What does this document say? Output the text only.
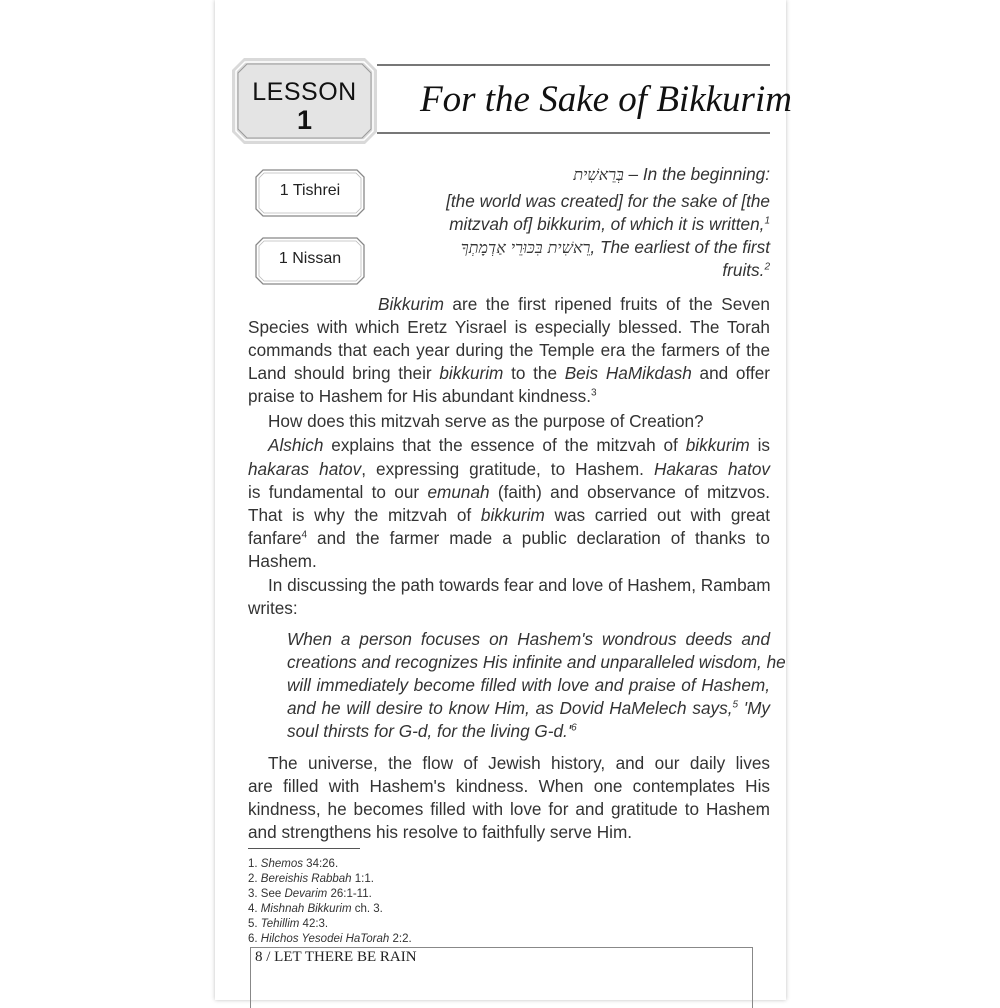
LESSON
1	For the Sake of Bikkurim
1 Tishrei
1 Nissan
בְּרֵאשִׁית – In the beginning:
[the world was created] for the sake of [the
mitzvah of] bikkurim, of which it is written,$^1$
רֵאשִׁית בִּכּוּרֵי אַדְמָתְךָ, The earliest of the first
fruits.$^2$
Bikkurim are the first ripened fruits of the Seven
Species with which Eretz Yisrael is especially blessed. The Torah
commands that each year during the Temple era the farmers of the
Land should bring their bikkurim to the Beis HaMikdash and offer
praise to Hashem for His abundant kindness.$^3$
How does this mitzvah serve as the purpose of Creation?
Alshich explains that the essence of the mitzvah of bikkurim is
hakaras hatov, expressing gratitude, to Hashem. Hakaras hatov
is fundamental to our emunah (faith) and observance of mitzvos.
That is why the mitzvah of bikkurim was carried out with great
fanfare$^4$ and the farmer made a public declaration of thanks to
Hashem.
In discussing the path towards fear and love of Hashem, Rambam
writes:
When a person focuses on Hashem's wondrous deeds and
creations and recognizes His infinite and unparalleled wisdom, he
will immediately become filled with love and praise of Hashem,
and he will desire to know Him, as Dovid HaMelech says,$^5$ 'My
soul thirsts for G-d, for the living $G-d.'^6$
The universe, the flow of Jewish history, and our daily lives
are filled with Hashem's kindness. When one contemplates His
kindness, he becomes filled with love for and gratitude to Hashem
and strengthens his resolve to faithfully serve Him.
1. Shemos 34:26.
2. Bereishis Rabbah 1:1.
3. See Devarim 26:1-11.
4. Mishnah Bikkurim ch. 3.
5. Tehillim 42:3.
6. Hilchos Yesodei HaTorah 2:2.
8 / LET THERE BE RAIN
